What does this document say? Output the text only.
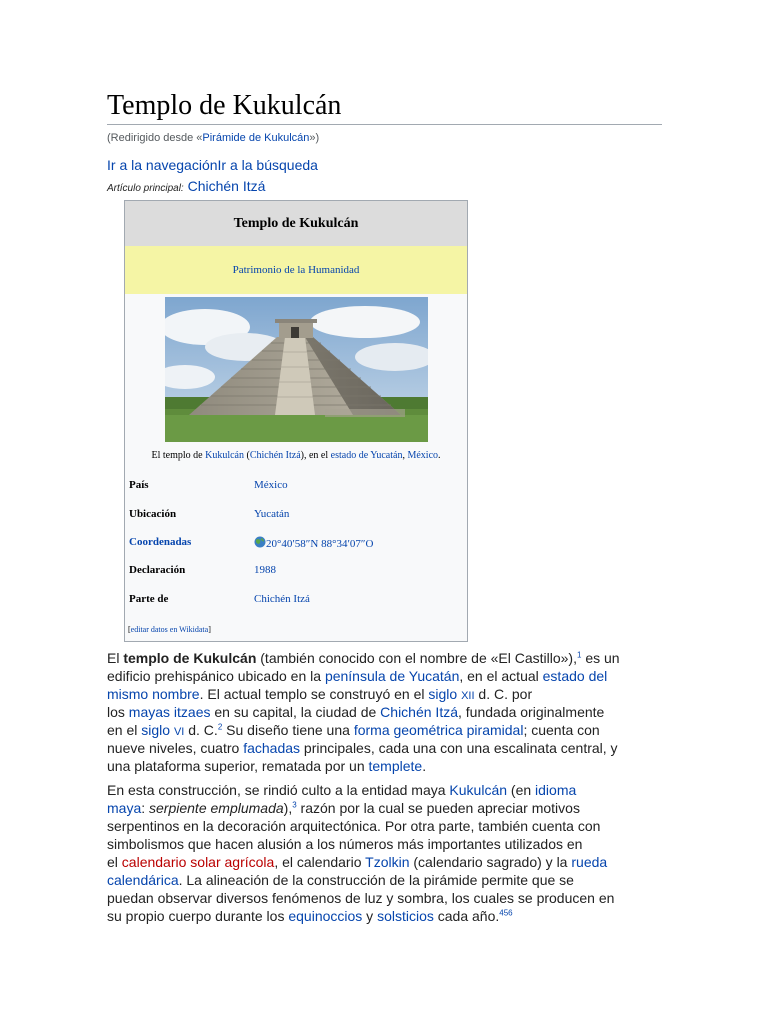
Templo de Kukulcán
(Redirigido desde «Pirámide de Kukulcán»)
Ir a la navegaciónIr a la búsqueda
Artículo principal: Chichén Itzá
Templo de Kukulcán
Patrimonio de la Humanidad
El templo de Kukulcán (Chichén Itzá), en el estado de Yucatán, México.
País	México
Ubicación	Yucatán
Coordenadas	20°40′58″N 88°34′07″O
Declaración	1988
Parte de	Chichén Itzá
[editar datos en Wikidata]
El templo de Kukulcán (también conocido con el nombre de «El Castillo»),$^1$ es un
edificio prehispánico ubicado en la península de Yucatán, en el actual estado del
mismo nombre. El actual templo se construyó en el siglo XII d. C. por
los mayas itzaes en su capital, la ciudad de Chichén Itzá, fundada originalmente
en el siglo VI d. C.$^2$ Su diseño tiene una forma geométrica piramidal; cuenta con
nueve niveles, cuatro fachadas principales, cada una con una escalinata central, y
una plataforma superior, rematada por un templete.
En esta construcción, se rindió culto a la entidad maya Kukulcán (en idioma
maya: serpiente emplumada),$^3$ razón por la cual se pueden apreciar motivos
serpentinos en la decoración arquitectónica. Por otra parte, también cuenta con
simbolismos que hacen alusión a los números más importantes utilizados en
el calendario solar agrícola, el calendario Tzolkin (calendario sagrado) y la rueda
calendárica. La alineación de la construcción de la pirámide permite que se
puedan observar diversos fenómenos de luz y sombra, los cuales se producen en
su propio cuerpo durante los equinoccios y solsticios cada año.$^{456}$
